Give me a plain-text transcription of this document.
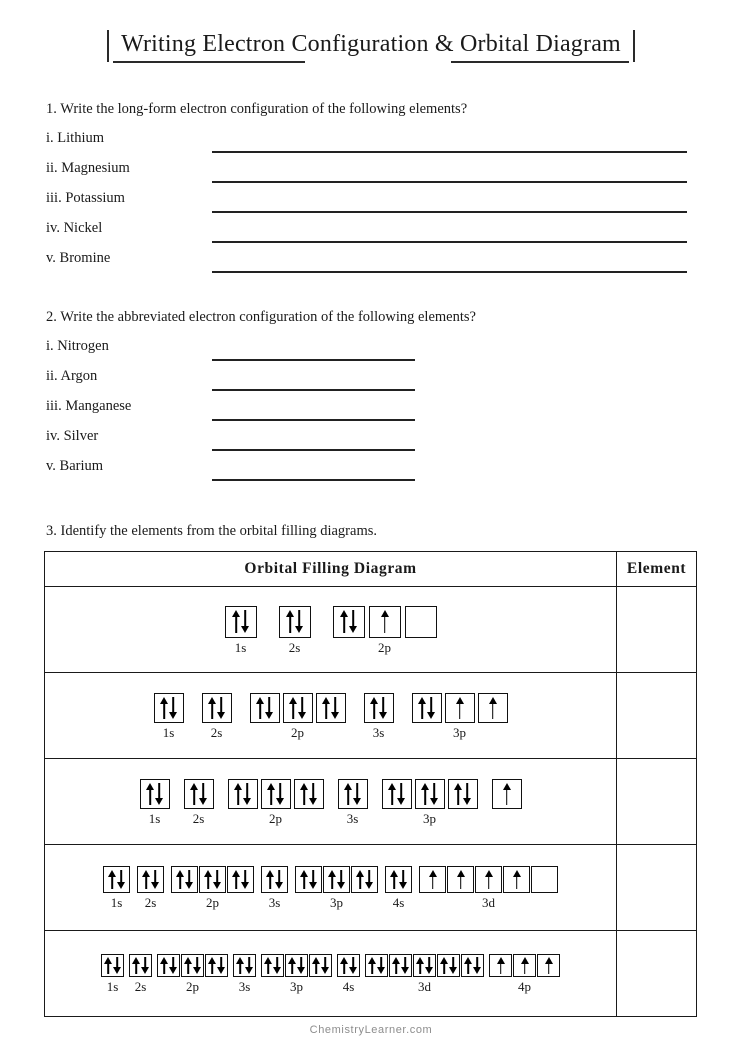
Writing Electron Configuration & Orbital Diagram
1. Write the long-form electron configuration of the following elements?
i. Lithium
ii. Magnesium
iii. Potassium
iv. Nickel
v. Bromine
2. Write the abbreviated electron configuration of the following elements?
i. Nitrogen
ii. Argon
iii. Manganese
iv. Silver
v. Barium
3. Identify the elements from the orbital filling diagrams.
Orbital Filling Diagram	Element

1s 2s 2p	

1s 2s 2p 3s 3p	

1s 2s 2p 3s 3p	

1s 2s	2p	3s	3p	4s	3d

1s 2s	2p	3s	3p	4s	3d	4p

ChemistryLearner.com
